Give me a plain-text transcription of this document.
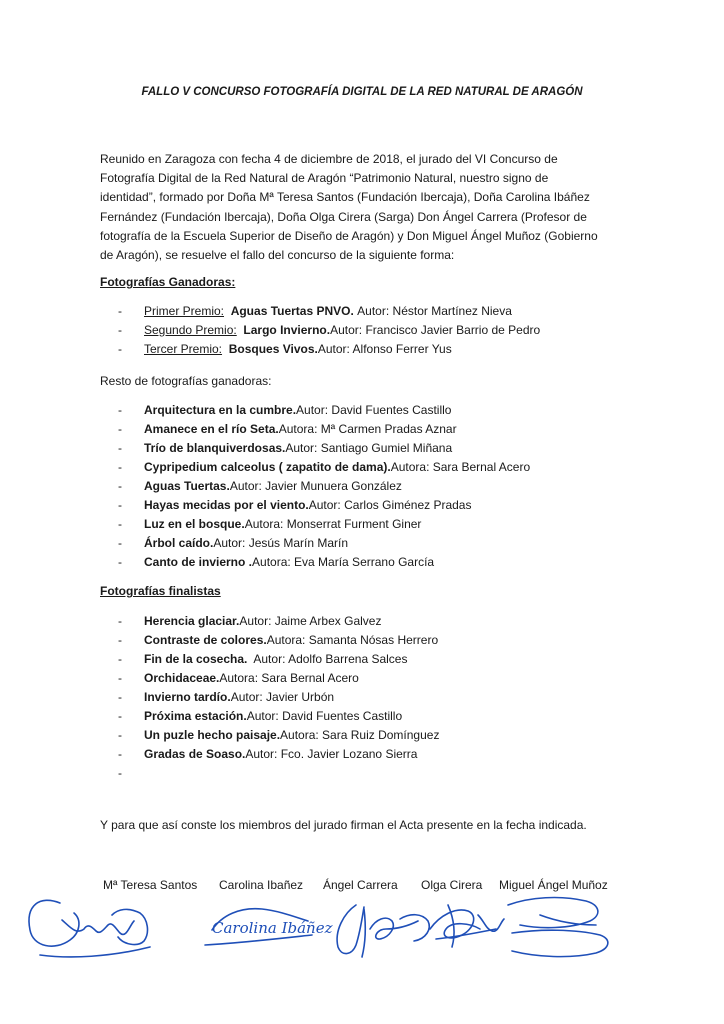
FALLO V CONCURSO FOTOGRAFÍA DIGITAL DE LA RED NATURAL DE ARAGÓN
Reunido en Zaragoza con fecha 4 de diciembre de 2018, el jurado del VI Concurso de
Fotografía Digital de la Red Natural de Aragón “Patrimonio Natural, nuestro signo de
identidad”, formado por Doña Mª Teresa Santos (Fundación Ibercaja), Doña Carolina Ibáñez
Fernández (Fundación Ibercaja), Doña Olga Cirera (Sarga) Don Ángel Carrera (Profesor de
fotografía de la Escuela Superior de Diseño de Aragón) y Don Miguel Ángel Muñoz (Gobierno
de Aragón), se resuelve el fallo del concurso de la siguiente forma:
Fotografías Ganadoras:
-	Primer Premio:
Aguas Tuertas PNVO.
Autor: Néstor Martínez Nieva
-	Segundo Premio:
Largo Invierno. Autor: Francisco Javier Barrio de Pedro
-	Tercer Premio:
Bosques Vivos. Autor: Alfonso Ferrer Yus
Resto de fotografías ganadoras:
-	Arquitectura en la cumbre. Autor: David Fuentes Castillo
-	Amanece en el río Seta. Autora: Mª Carmen Pradas Aznar
-	Trío de blanquiverdosas. Autor: Santiago Gumiel Miñana
-	Cypripedium calceolus ( zapatito de dama). Autora: Sara Bernal Acero
-	Aguas Tuertas. Autor: Javier Munuera González
-	Hayas mecidas por el viento. Autor: Carlos Giménez Pradas
-	Luz en el bosque. Autora: Monserrat Furment Giner
-	Árbol caído. Autor: Jesús Marín Marín
-	Canto de invierno . Autora: Eva María Serrano García
Fotografías finalistas
-	Herencia glaciar. Autor: Jaime Arbex Galvez
-	Contraste de colores. Autora: Samanta Nósas Herrero
-	Fin de la cosecha. Autor: Adolfo Barrena Salces
-	Orchidaceae. Autora: Sara Bernal Acero
-	Invierno tardío. Autor: Javier Urbón
-	Próxima estación. Autor: David Fuentes Castillo
-	Un puzle hecho paisaje. Autora: Sara Ruiz Domínguez
-	Gradas de Soaso. Autor: Fco. Javier Lozano Sierra
-
Y para que así conste los miembros del jurado firman el Acta presente en la fecha indicada.
Mª Teresa Santos Carolina Ibañez Ángel Carrera Olga Cirera Miguel Ángel Muñoz
Carolina Ibáñez
